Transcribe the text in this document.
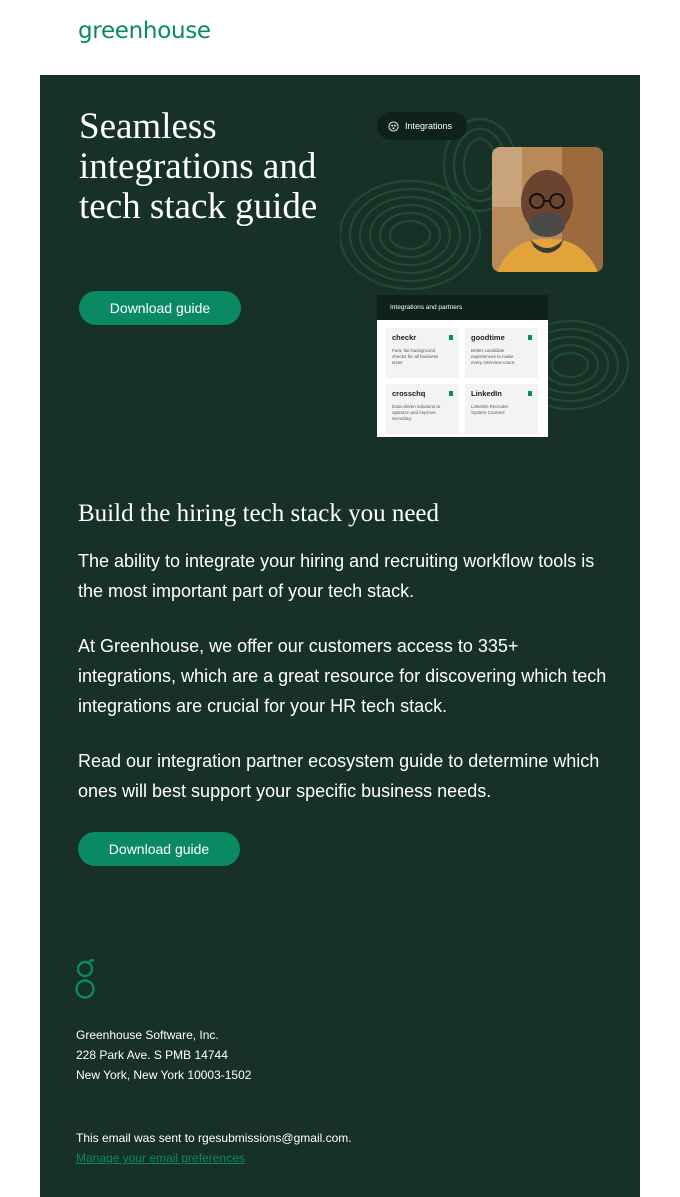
greenhouse
Seamless integrations and tech stack guide
Download guide
Integrations
Integrations and partners
checkr
Fast, fair background checks for all business sizes
goodtime
Better candidate experiences to make every interview count
crosschq
Data-driven solutions to optimize and improve recruiting
LinkedIn
LinkedIn Recruiter System Connect
Build the hiring tech stack you need

The ability to integrate your hiring and recruiting workflow tools is the most important part of your tech stack.

At Greenhouse, we offer our customers access to 335+ integrations, which are a great resource for discovering which tech integrations are crucial for your HR tech stack.

Read our integration partner ecosystem guide to determine which ones will best support your specific business needs.

Download guide
Greenhouse Software, Inc.
228 Park Ave. S PMB 14744
New York, New York 10003-1502
This email was sent to rgesubmissions@gmail.com.
Manage your email preferences
